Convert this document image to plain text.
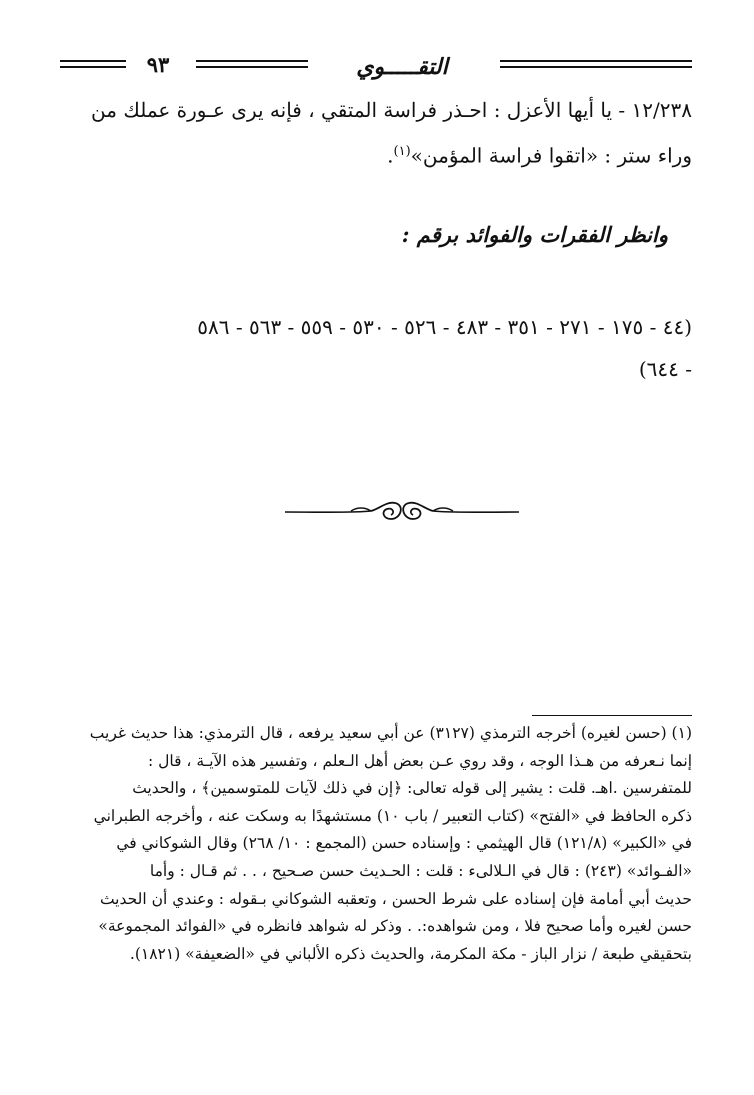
٩٣	التقـــــوي
١٢/٢٣٨ - يا أيها الأعزل : احـذر فراسة المتقي ، فإنه يرى عـورة عملك من
وراء ستر : «اتقوا فراسة المؤمن»$^{(١)}$.
وانظر الفقرات والفوائد برقم :
(٤٤ - ١٧٥ - ٢٧١ - ٣٥١ - ٤٨٣ - ٥٢٦ - ٥٣٠ - ٥٥٩ - ٥٦٣ - ٥٨٦
- ٦٤٤)
(١) (حسن لغيره) أخرجه الترمذي (٣١٢٧) عن أبي سعيد يرفعه ، قال الترمذي: هذا حديث غريب
إنما نـعرفه من هـذا الوجه ، وقد روي عـن بعض أهل الـعلم ، وتفسير هذه الآيـة ، قال :
للمتفرسين .اهـ. قلت : يشير إلى قوله تعالى: ﴿إن في ذلك لآيات للمتوسمين﴾ ، والحديث
ذكره الحافظ في «الفتح» (كتاب التعبير / باب ١٠) مستشهدًا به وسكت عنه ، وأخرجه الطبراني
في «الكبير» (١٢١/٨) قال الهيثمي : وإسناده حسن (المجمع : ١٠/ ٢٦٨) وقال الشوكاني في
«الفـوائد» (٢٤٣) : قال في الـلالىء : قلت : الحـديث حسن صـحيح ، . . ثم قـال : وأما
حديث أبي أمامة فإن إسناده على شرط الحسن ، وتعقبه الشوكاني بـقوله : وعندي أن الحديث
حسن لغيره وأما صحيح فلا ، ومن شواهده:. . وذكر له شواهد فانظره في «الفوائد المجموعة»
بتحقيقي طبعة / نزار الباز - مكة المكرمة، والحديث ذكره الألباني في «الضعيفة» (١٨٢١).
